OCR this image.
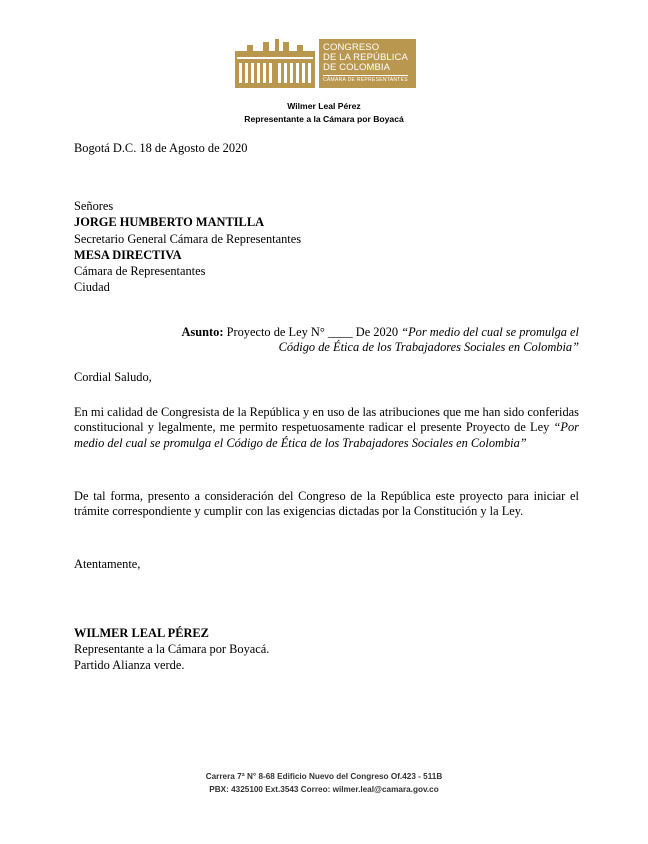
CONGRESO
DE LA REPÚBLICA
DE COLOMBIA
CÁMARA DE REPRESENTANTES
Wilmer Leal Pérez
Representante a la Cámara por Boyacá
Bogotá D.C. 18 de Agosto de 2020
Señores
JORGE HUMBERTO MANTILLA
Secretario General Cámara de Representantes
MESA DIRECTIVA
Cámara de Representantes
Ciudad
Asunto: Proyecto de Ley N° ____ De 2020 “Por medio del cual se promulga el
Código de Ética de los Trabajadores Sociales en Colombia”
Cordial Saludo,
En mi calidad de Congresista de la República y en uso de las atribuciones que me han sido conferidas constitucional y legalmente, me permito respetuosamente radicar el presente Proyecto de Ley “Por medio del cual se promulga el Código de Ética de los Trabajadores Sociales en Colombia”
De tal forma, presento a consideración del Congreso de la República este proyecto para iniciar el trámite correspondiente y cumplir con las exigencias dictadas por la Constitución y la Ley.
Atentamente,
WILMER LEAL PÉREZ
Representante a la Cámara por Boyacá.
Partido Alianza verde.
Carrera 7ª N° 8-68 Edificio Nuevo del Congreso Of.423 - 511B
PBX: 4325100 Ext.3543 Correo: wilmer.leal@camara.gov.co
